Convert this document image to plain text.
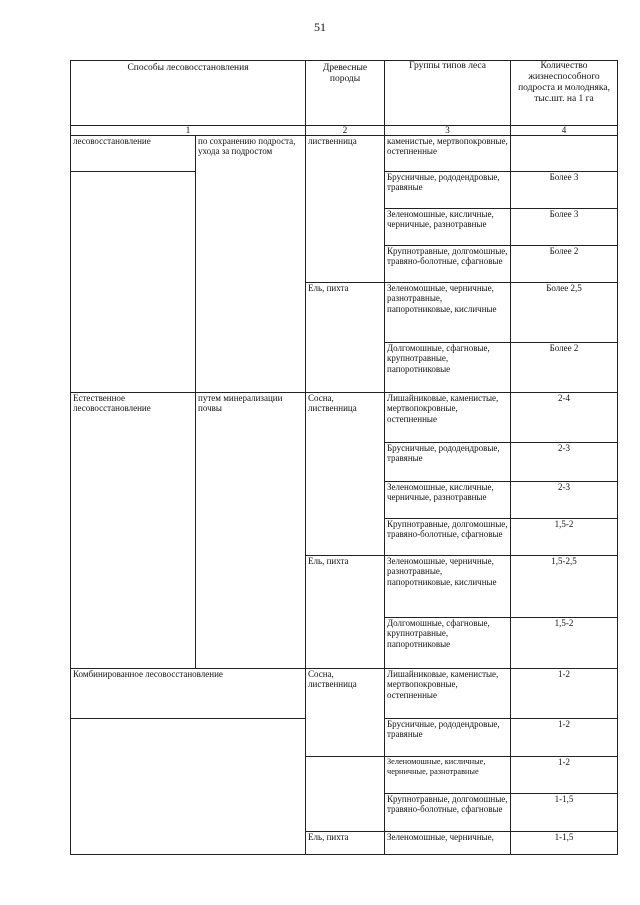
51
Способы лесовосстановления		Древесные породы	Группы типов леса	Количество жизнеспособного подроста и молодняка, тыс.шт. на 1 га
1		2	3	4
лесовосстановление	по сохранению подроста, ухода за подростом	лиственница	каменистые, мертвопокровные, остепненные	
			Брусничные, рододендровые, травяные	Более 3
			Зеленомошные, кисличные, черничные, разнотравные	Более 3
			Крупнотравные, долгомошные, травяно-болотные, сфагновые	Более 2
		Ель, пихта	Зеленомошные, черничные, разнотравные, папоротниковые, кисличные	Более 2,5
			Долгомошные, сфагновые, крупнотравные, папоротниковые	Более 2
Естественное лесовосстановление	путем минерализации почвы	Сосна, лиственница	Лишайниковые, каменистые, мертвопокровные, остепненные	2-4
			Брусничные, рододендровые, травяные	2-3
			Зеленомошные, кисличные, черничные, разнотравные	2-3
			Крупнотравные, долгомошные, травяно-болотные, сфагновые	1,5-2
		Ель, пихта	Зеленомошные, черничные, разнотравные, папоротниковые, кисличные	1,5-2,5
			Долгомошные, сфагновые, крупнотравные, папоротниковые	1,5-2
Комбинированное лесовосстановление		Сосна, лиственница	Лишайниковые, каменистые, мертвопокровные, остепненные	1-2
			Брусничные, рододендровые, травяные	1-2
			Зеленомошные, кисличные, черничные, разнотравные	1-2
			Крупнотравные, долгомошные, травяно-болотные, сфагновые	1-1,5
		Ель, пихта	Зеленомошные, черничные,	1-1,5
